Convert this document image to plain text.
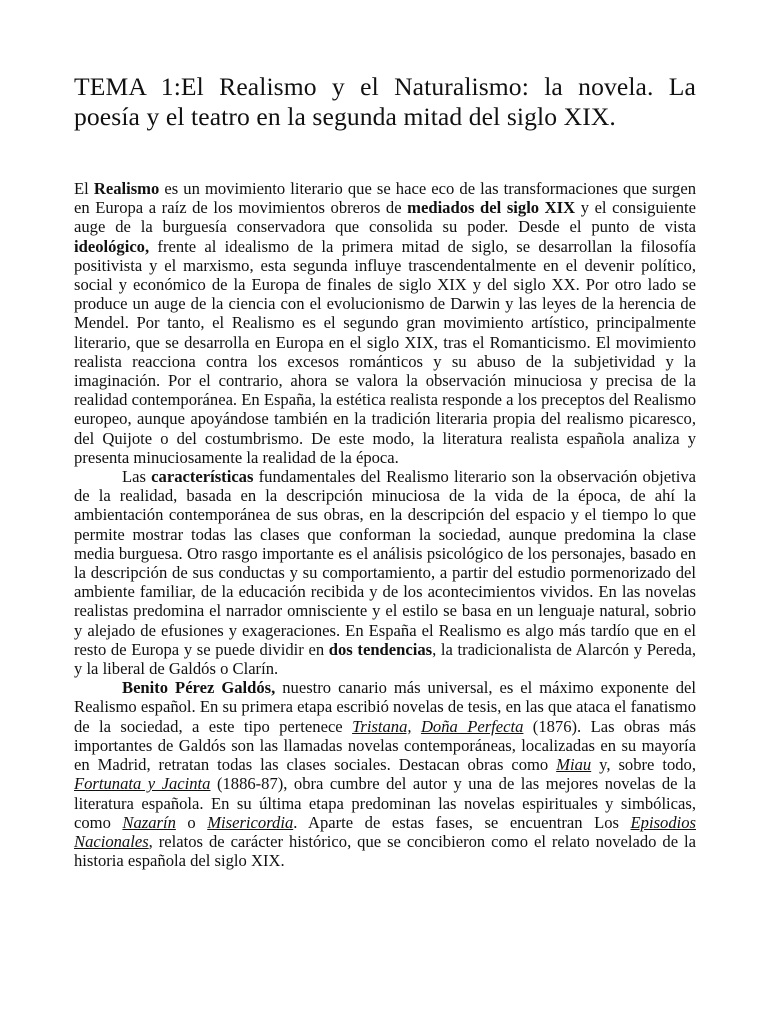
TEMA 1:El Realismo y el Naturalismo: la novela. La poesía y el teatro en la segunda mitad del siglo XIX.

El Realismo es un movimiento literario que se hace eco de las transformaciones que surgen en Europa a raíz de los movimientos obreros de mediados del siglo XIX y el consiguiente auge de la burguesía conservadora que consolida su poder. Desde el punto de vista ideológico, frente al idealismo de la primera mitad de siglo, se desarrollan la filosofía positivista y el marxismo, esta segunda influye trascendentalmente en el devenir político, social y económico de la Europa de finales de siglo XIX y del siglo XX. Por otro lado se produce un auge de la ciencia con el evolucionismo de Darwin y las leyes de la herencia de Mendel. Por tanto, el Realismo es el segundo gran movimiento artístico, principalmente literario, que se desarrolla en Europa en el siglo XIX, tras el Romanticismo. El movimiento realista reacciona contra los excesos románticos y su abuso de la subjetividad y la imaginación. Por el contrario, ahora se valora la observación minuciosa y precisa de la realidad contemporánea. En España, la estética realista responde a los preceptos del Realismo europeo, aunque apoyándose también en la tradición literaria propia del realismo picaresco, del Quijote o del costumbrismo. De este modo, la literatura realista española analiza y presenta minuciosamente la realidad de la época.

Las características fundamentales del Realismo literario son la observación objetiva de la realidad, basada en la descripción minuciosa de la vida de la época, de ahí la ambientación contemporánea de sus obras, en la descripción del espacio y el tiempo lo que permite mostrar todas las clases que conforman la sociedad, aunque predomina la clase media burguesa. Otro rasgo importante es el análisis psicológico de los personajes, basado en la descripción de sus conductas y su comportamiento, a partir del estudio pormenorizado del ambiente familiar, de la educación recibida y de los acontecimientos vividos. En las novelas realistas predomina el narrador omnisciente y el estilo se basa en un lenguaje natural, sobrio y alejado de efusiones y exageraciones. En España el Realismo es algo más tardío que en el resto de Europa y se puede dividir en dos tendencias, la tradicionalista de Alarcón y Pereda, y la liberal de Galdós o Clarín.

Benito Pérez Galdós, nuestro canario más universal, es el máximo exponente del Realismo español. En su primera etapa escribió novelas de tesis, en las que ataca el fanatismo de la sociedad, a este tipo pertenece Tristana, Doña Perfecta (1876). Las obras más importantes de Galdós son las llamadas novelas contemporáneas, localizadas en su mayoría en Madrid, retratan todas las clases sociales. Destacan obras como Miau y, sobre todo, Fortunata y Jacinta (1886-87), obra cumbre del autor y una de las mejores novelas de la literatura española. En su última etapa predominan las novelas espirituales y simbólicas, como Nazarín o Misericordia. Aparte de estas fases, se encuentran Los Episodios Nacionales, relatos de carácter histórico, que se concibieron como el relato novelado de la historia española del siglo XIX.
